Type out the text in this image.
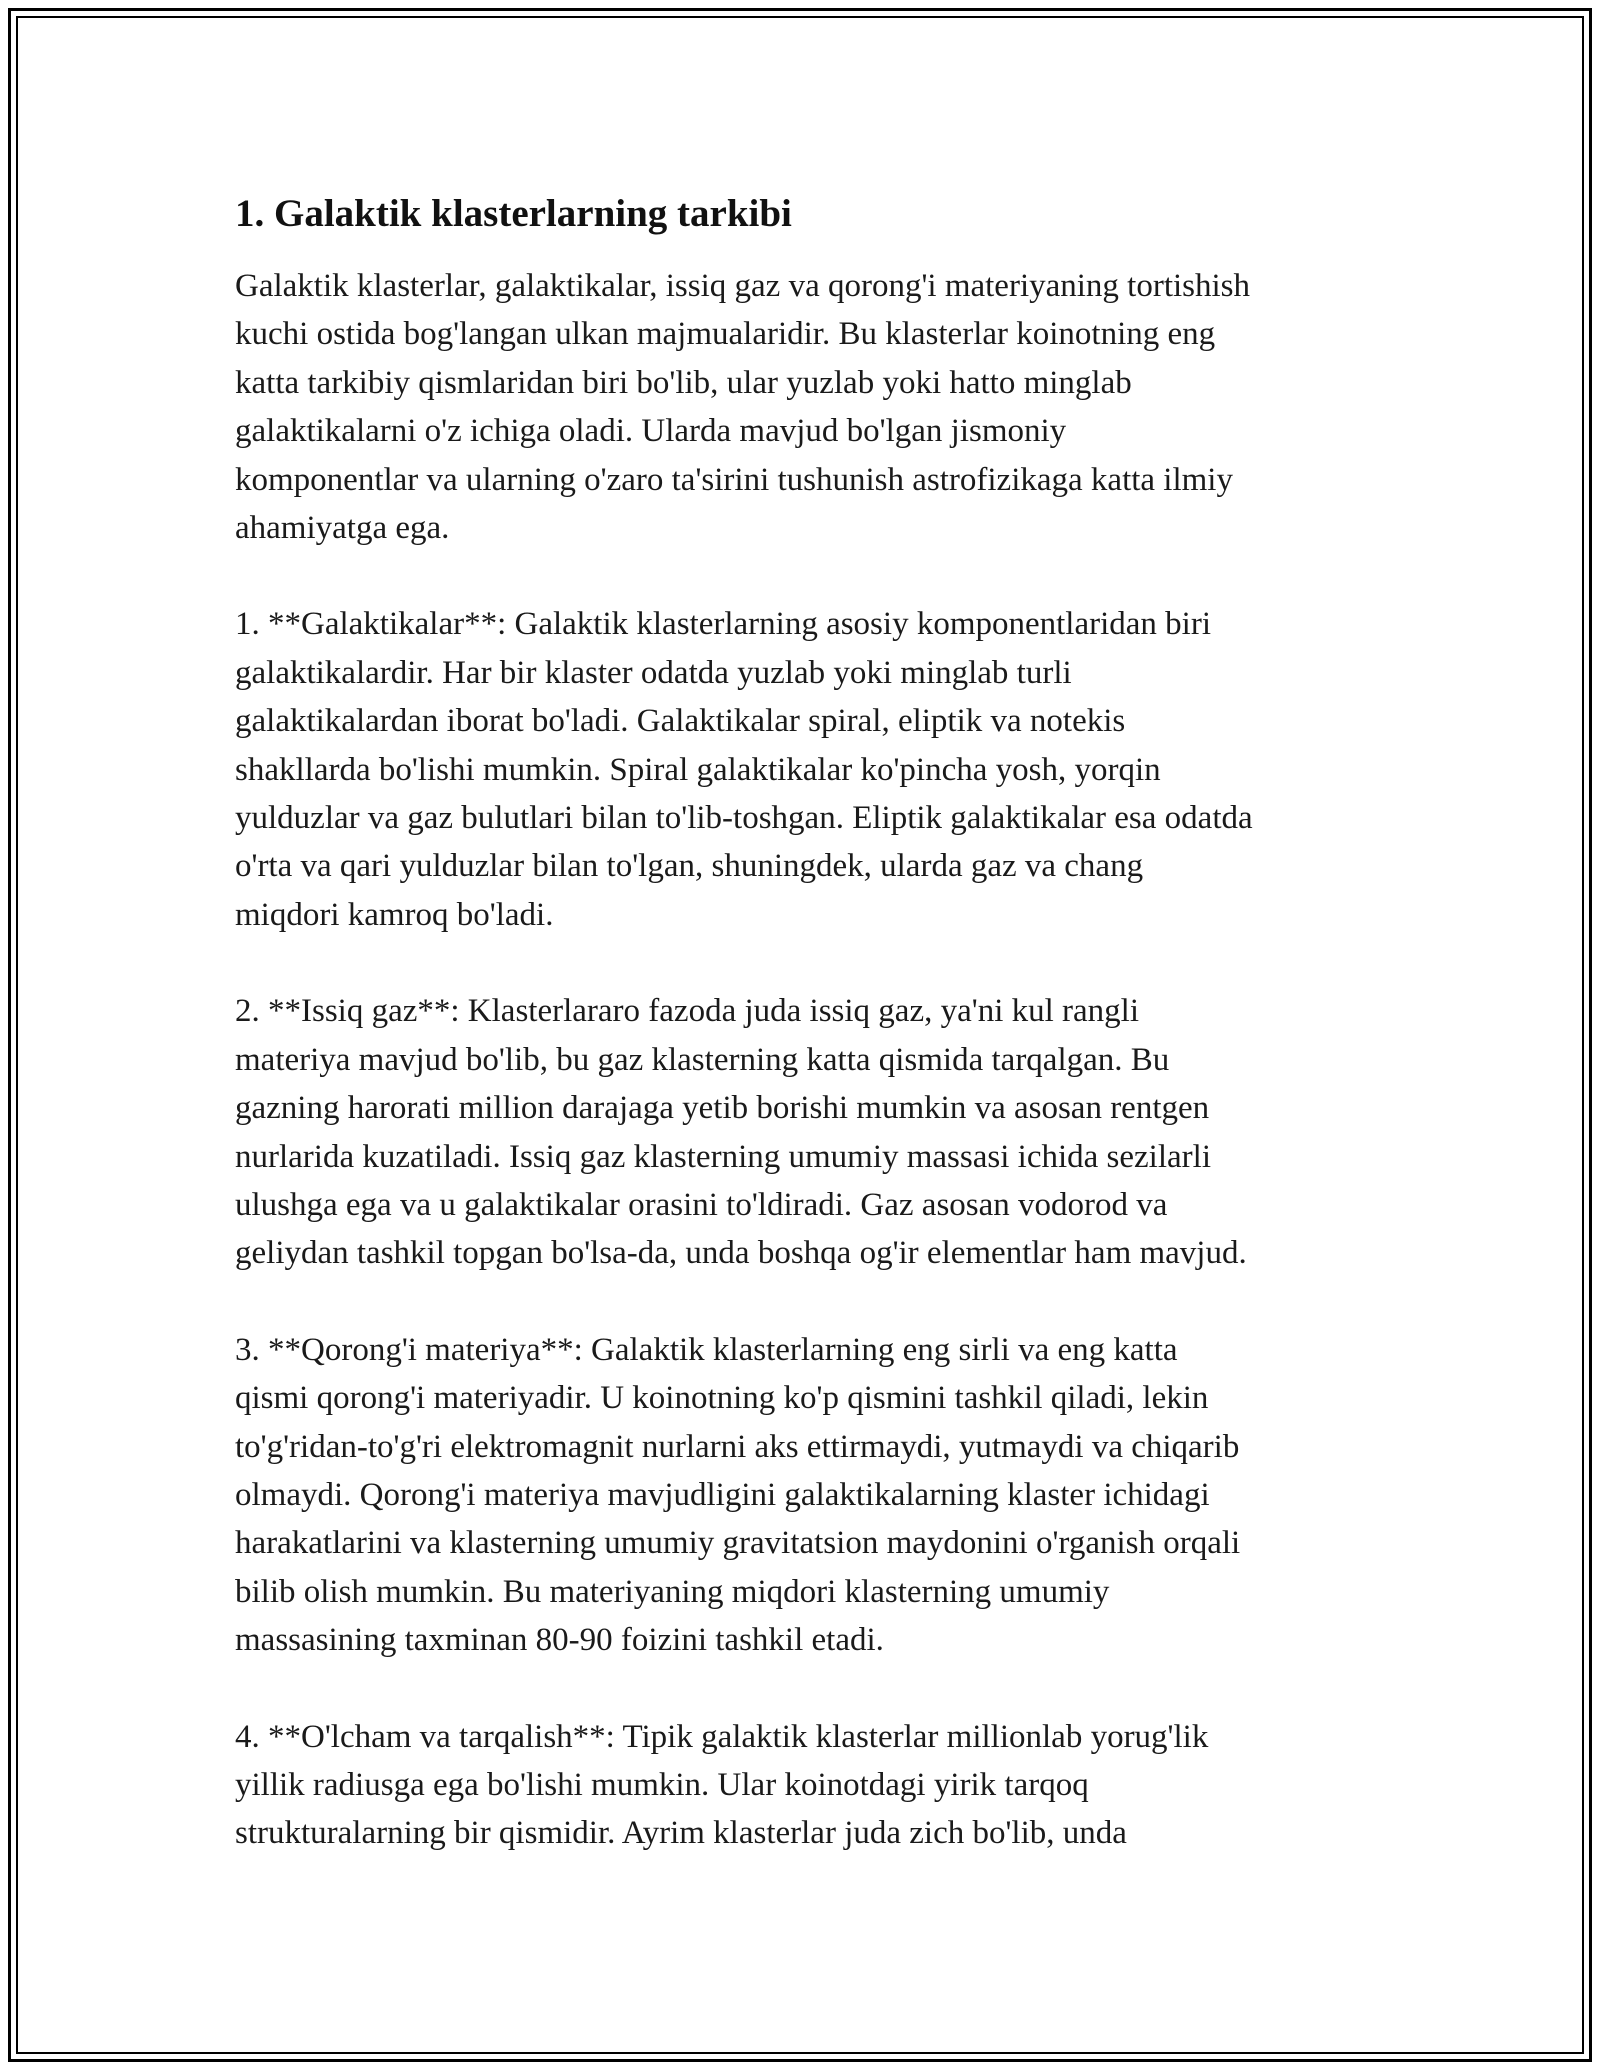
1. Galaktik klasterlarning tarkibi

Galaktik klasterlar, galaktikalar, issiq gaz va qorong'i materiyaning tortishish
kuchi ostida bog'langan ulkan majmualaridir. Bu klasterlar koinotning eng
katta tarkibiy qismlaridan biri bo'lib, ular yuzlab yoki hatto minglab
galaktikalarni o'z ichiga oladi. Ularda mavjud bo'lgan jismoniy
komponentlar va ularning o'zaro ta'sirini tushunish astrofizikaga katta ilmiy
ahamiyatga ega.

1. **Galaktikalar**: Galaktik klasterlarning asosiy komponentlaridan biri
galaktikalardir. Har bir klaster odatda yuzlab yoki minglab turli
galaktikalardan iborat bo'ladi. Galaktikalar spiral, eliptik va notekis
shakllarda bo'lishi mumkin. Spiral galaktikalar ko'pincha yosh, yorqin
yulduzlar va gaz bulutlari bilan to'lib-toshgan. Eliptik galaktikalar esa odatda
o'rta va qari yulduzlar bilan to'lgan, shuningdek, ularda gaz va chang
miqdori kamroq bo'ladi.

2. **Issiq gaz**: Klasterlararo fazoda juda issiq gaz, ya'ni kul rangli
materiya mavjud bo'lib, bu gaz klasterning katta qismida tarqalgan. Bu
gazning harorati million darajaga yetib borishi mumkin va asosan rentgen
nurlarida kuzatiladi. Issiq gaz klasterning umumiy massasi ichida sezilarli
ulushga ega va u galaktikalar orasini to'ldiradi. Gaz asosan vodorod va
geliydan tashkil topgan bo'lsa-da, unda boshqa og'ir elementlar ham mavjud.

3. **Qorong'i materiya**: Galaktik klasterlarning eng sirli va eng katta
qismi qorong'i materiyadir. U koinotning ko'p qismini tashkil qiladi, lekin
to'g'ridan-to'g'ri elektromagnit nurlarni aks ettirmaydi, yutmaydi va chiqarib
olmaydi. Qorong'i materiya mavjudligini galaktikalarning klaster ichidagi
harakatlarini va klasterning umumiy gravitatsion maydonini o'rganish orqali
bilib olish mumkin. Bu materiyaning miqdori klasterning umumiy
massasining taxminan 80-90 foizini tashkil etadi.

4. **O'lcham va tarqalish**: Tipik galaktik klasterlar millionlab yorug'lik
yillik radiusga ega bo'lishi mumkin. Ular koinotdagi yirik tarqoq
strukturalarning bir qismidir. Ayrim klasterlar juda zich bo'lib, unda
